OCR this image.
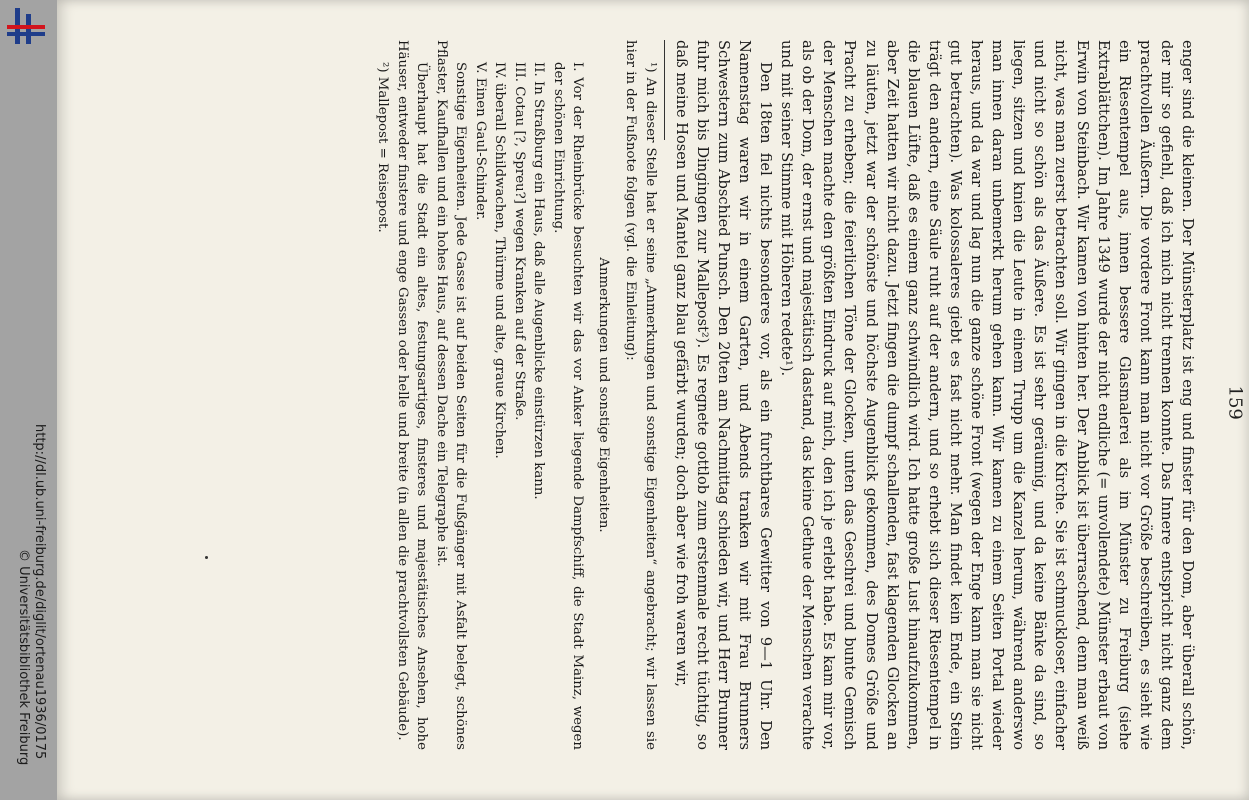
http://dl.ub.uni-freiburg.de/diglit/ortenau1936/0175
© Universitätsbibliothek Freiburg
159

enger sind die kleinen. Der Münsterplatz ist eng und finster für den Dom, aber überall schön, der mir so gefiehl, daß ich mich nicht trennen konnte. Das Innere entspricht nicht ganz dem prachtvollen Äußern. Die vordere Front kann man nicht vor Größe beschreiben, es sieht wie ein Riesentempel aus, innen bessere Glasmalerei als im Münster zu Freiburg (siehe Extrablättchen). Im Jahre 1349 wurde der nicht endliche (= unvollendete) Münster erbaut von Erwin von Steinbach. Wir kamen von hinten her. Der Anblick ist überraschend, denn man weiß nicht, was man zuerst betrachten soll. Wir gingen in die Kirche. Sie ist schmuckloser, einfacher und nicht so schön als das Äußere. Es ist sehr geräumig, und da keine Bänke da sind, so liegen, sitzen und knien die Leute in einem Trupp um die Kanzel herum, während anderswo man innen daran unbemerkt herum gehen kann. Wir kamen zu einem Seiten Portal wieder heraus, und da war und lag nun die ganze schöne Front (wegen der Enge kann man sie nicht gut betrachten). Was kolossaleres giebt es fast nicht mehr. Man findet kein Ende, ein Stein trägt den andern, eine Säule ruht auf der andern, und so erhebt sich dieser Riesentempel in die blauen Lüfte, daß es einem ganz schwindlich wird. Ich hatte große Lust hinaufzukommen, aber Zeit hatten wir nicht dazu. Jetzt fingen die dumpf schallenden, fast klagenden Glocken an zu läuten, jetzt war der schönste und höchste Augenblick gekommen, des Domes Größe und Pracht zu erheben; die feierlichen Töne der Glocken, unten das Geschrei und bunte Gemisch der Menschen machte den größten Eindruck auf mich, den ich je erlebt habe. Es kam mir vor, als ob der Dom, der ernst und majestätisch dastand, das kleine Gethue der Menschen verachte und mit seiner Stimme mit Höheren redete¹).

Den 18ten fiel nichts besonderes vor, als ein furchtbares Gewitter von 9—1 Uhr. Den Namenstag waren wir in einem Garten, und Abends tranken wir mit Frau Brunners Schwestern zum Abschied Punsch. Den 20ten am Nachmittag schieden wir, und Herr Brunner fuhr mich bis Dingingen zur Mallepost²). Es regnete gottlob zum erstenmale recht tüchtig, so daß meine Hosen und Mantel ganz blau gefärbt wurden; doch aber wie froh waren wir,

¹) An dieser Stelle hat er seine „Anmerkungen und sonstige Eigenheiten“ angebracht; wir lassen sie hier in der Fußnote folgen (vgl. die Einleitung):

Anmerkungen und sonstige Eigenheiten.

I. Vor der Rheinbrücke besuchten wir das vor Anker liegende Dampfschiff, die Stadt Mainz, wegen der schönen Einrichtung.

II. In Straßburg ein Haus, daß alle Augenblicke einstürzen kann.

III. Cotau [?, Spreu?] wegen Kranken auf der Straße.

IV. überall Schildwachen, Thürme und alte, graue Kirchen.

V. Einen Gaul-Schinder.

Sonstige Eigenheiten. Jede Gasse ist auf beiden Seiten für die Fußgänger mit Asfalt belegt, schönes Pflaster, Kaufhallen und ein hohes Haus, auf dessen Dache ein Telegraphe ist.

Überhaupt hat die Stadt ein altes, festungsartiges, finsteres und majestätisches Ansehen, hohe Häuser, entweder finstere und enge Gassen oder helle und breite (in allen die prachtvollsten Gebäude).

²) Mallepost = Reisepost.
